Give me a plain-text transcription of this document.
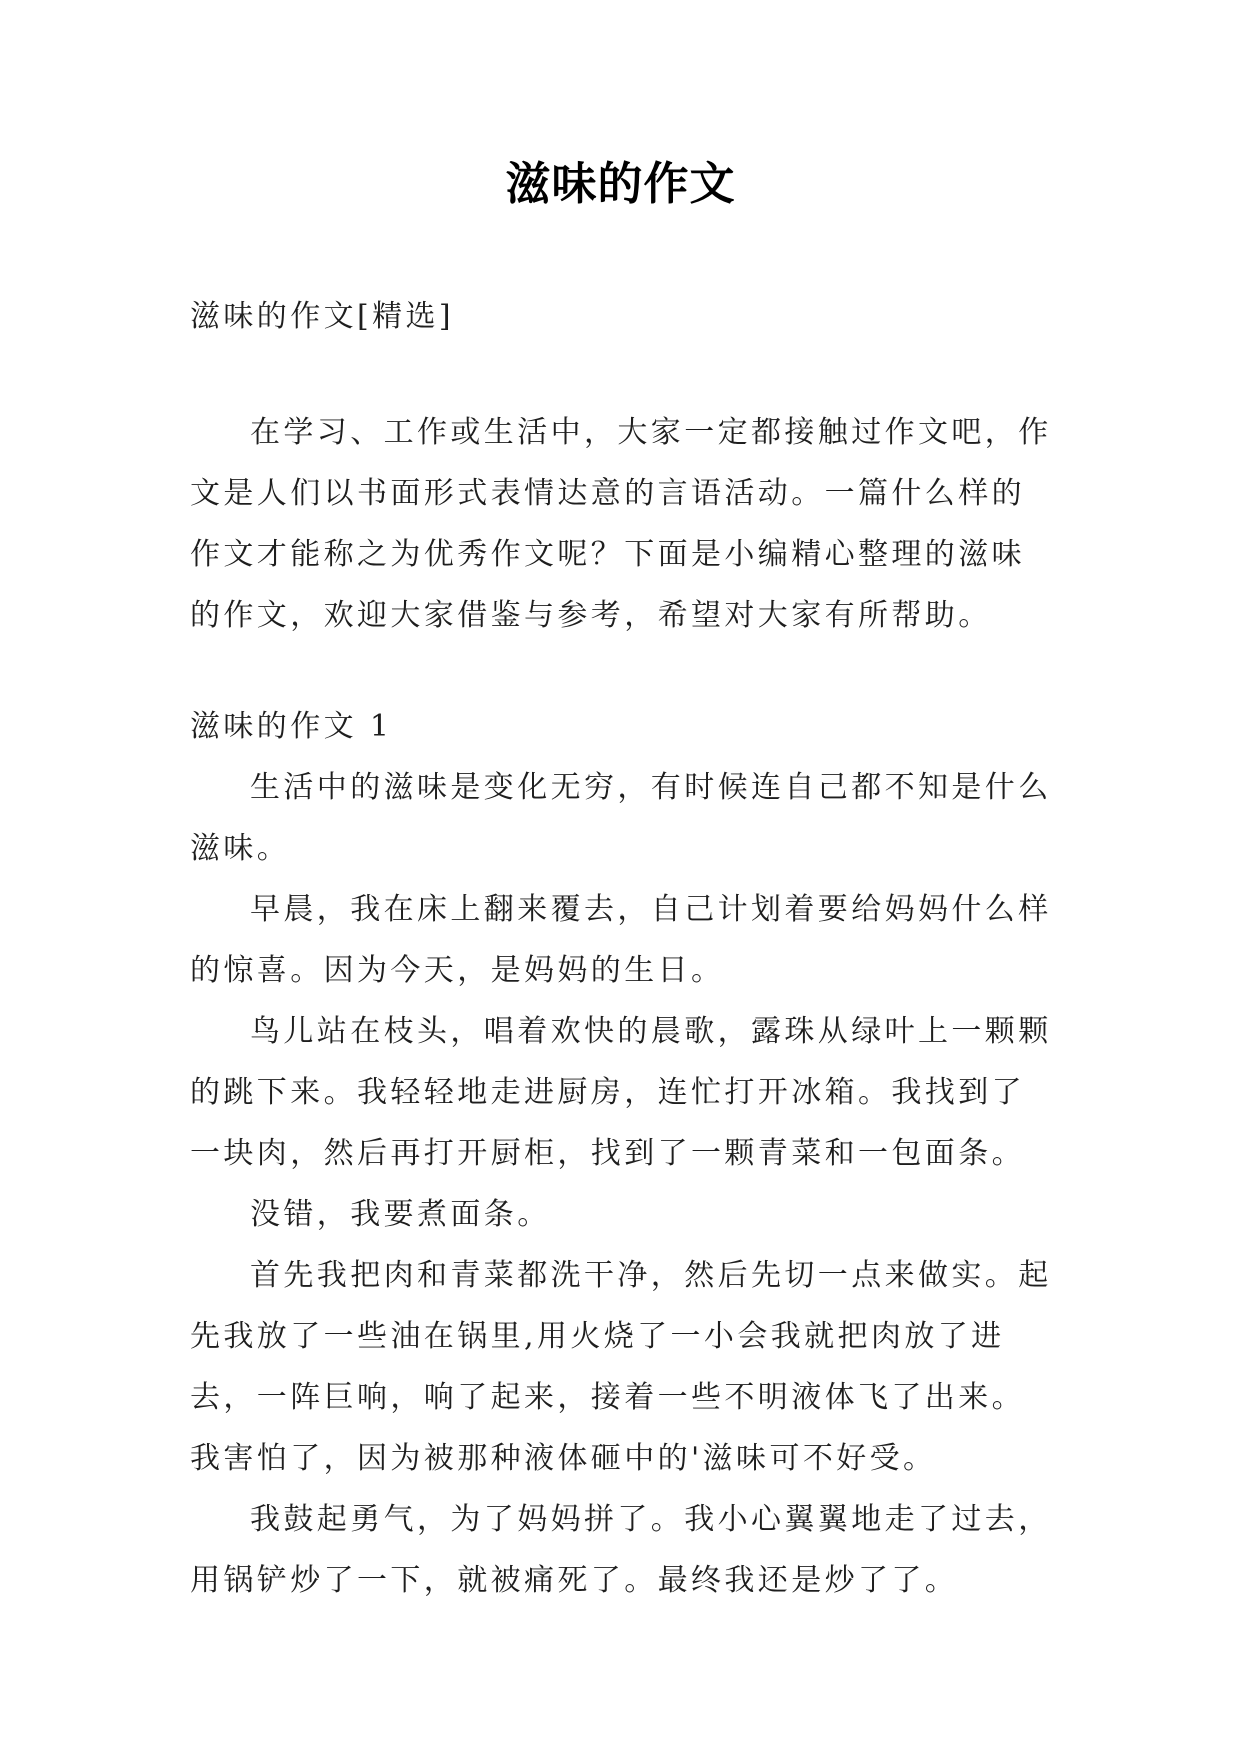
滋味的作文
滋味的作文[精选]

在学习、工作或生活中，大家一定都接触过作文吧，作文是人们以书面形式表情达意的言语活动。一篇什么样的作文才能称之为优秀作文呢？下面是小编精心整理的滋味的作文，欢迎大家借鉴与参考，希望对大家有所帮助。

滋味的作文 1

生活中的滋味是变化无穷，有时候连自己都不知是什么滋味。

早晨，我在床上翻来覆去，自己计划着要给妈妈什么样的惊喜。因为今天，是妈妈的生日。

鸟儿站在枝头，唱着欢快的晨歌，露珠从绿叶上一颗颗的跳下来。我轻轻地走进厨房，连忙打开冰箱。我找到了一块肉，然后再打开厨柜，找到了一颗青菜和一包面条。

没错，我要煮面条。

首先我把肉和青菜都洗干净，然后先切一点来做实。起先我放了一些油在锅里,用火烧了一小会我就把肉放了进去，一阵巨响，响了起来，接着一些不明液体飞了出来。我害怕了，因为被那种液体砸中的'滋味可不好受。

我鼓起勇气，为了妈妈拼了。我小心翼翼地走了过去，用锅铲炒了一下，就被痛死了。最终我还是炒了了。
